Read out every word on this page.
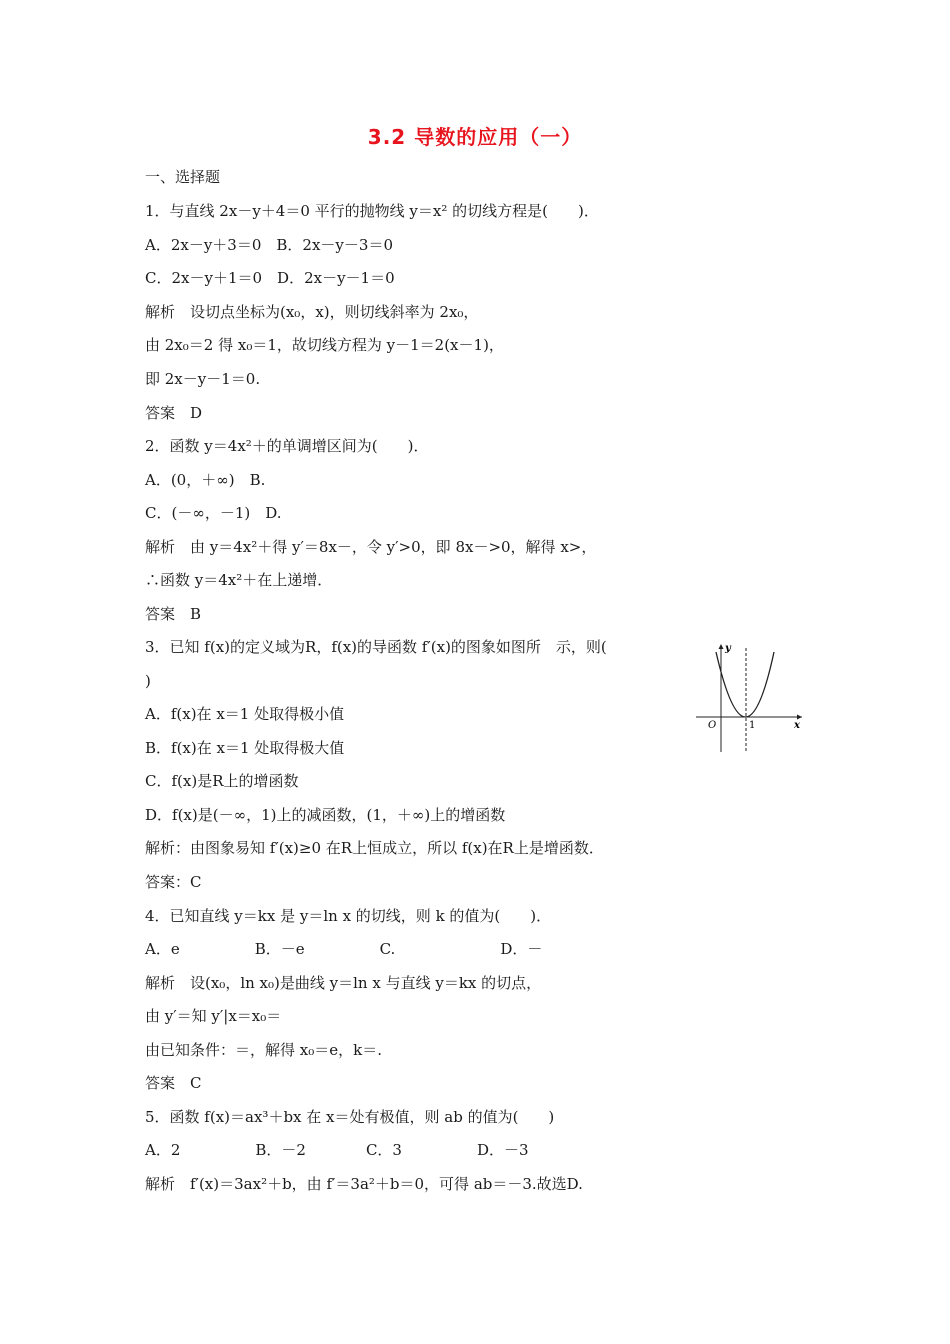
3.2 导数的应用（一）
一、选择题
1．与直线 2x－y＋4＝0 平行的抛物线 y＝x² 的切线方程是(　　)．
A．2x－y＋3＝0　B．2x－y－3＝0
C．2x－y＋1＝0　D．2x－y－1＝0
解析　设切点坐标为(x₀，x)，则切线斜率为 2x₀，
由 2x₀＝2 得 x₀＝1，故切线方程为 y－1＝2(x－1)，
即 2x－y－1＝0.
答案　D
2．函数 y＝4x²＋的单调增区间为(　　)．
A．(0，＋∞)　B.
C．(－∞，－1)　D.
解析　由 y＝4x²＋得 y′＝8x－，令 y′>0，即 8x－>0，解得 x>，
∴函数 y＝4x²＋在上递增．
答案　B
3．已知 f(x)的定义域为R，f(x)的导函数 f′(x)的图象如图所　示，则(
)
A．f(x)在 x＝1 处取得极小值
B．f(x)在 x＝1 处取得极大值
C．f(x)是R上的增函数
D．f(x)是(－∞，1)上的减函数，(1，＋∞)上的增函数
解析：由图象易知 f′(x)≥0 在R上恒成立，所以 f(x)在R上是增函数．
答案：C
4．已知直线 y＝kx 是 y＝ln x 的切线，则 k 的值为(　　)．
A．e　　　　　B．－e　　　　　C.　　　　　　　D．－
解析　设(x₀，ln x₀)是曲线 y＝ln x 与直线 y＝kx 的切点，
由 y′＝知 y′|x＝x₀＝
由已知条件：＝，解得 x₀＝e，k＝.
答案　C
5．函数 f(x)＝ax³＋bx 在 x＝处有极值，则 ab 的值为(　　)
A．2　　　　　B．－2　　　　C．3　　　　　D．－3
解析　f′(x)＝3ax²＋b，由 f′＝3a²＋b＝0，可得 ab＝－3.故选D.
y
x
O	1
